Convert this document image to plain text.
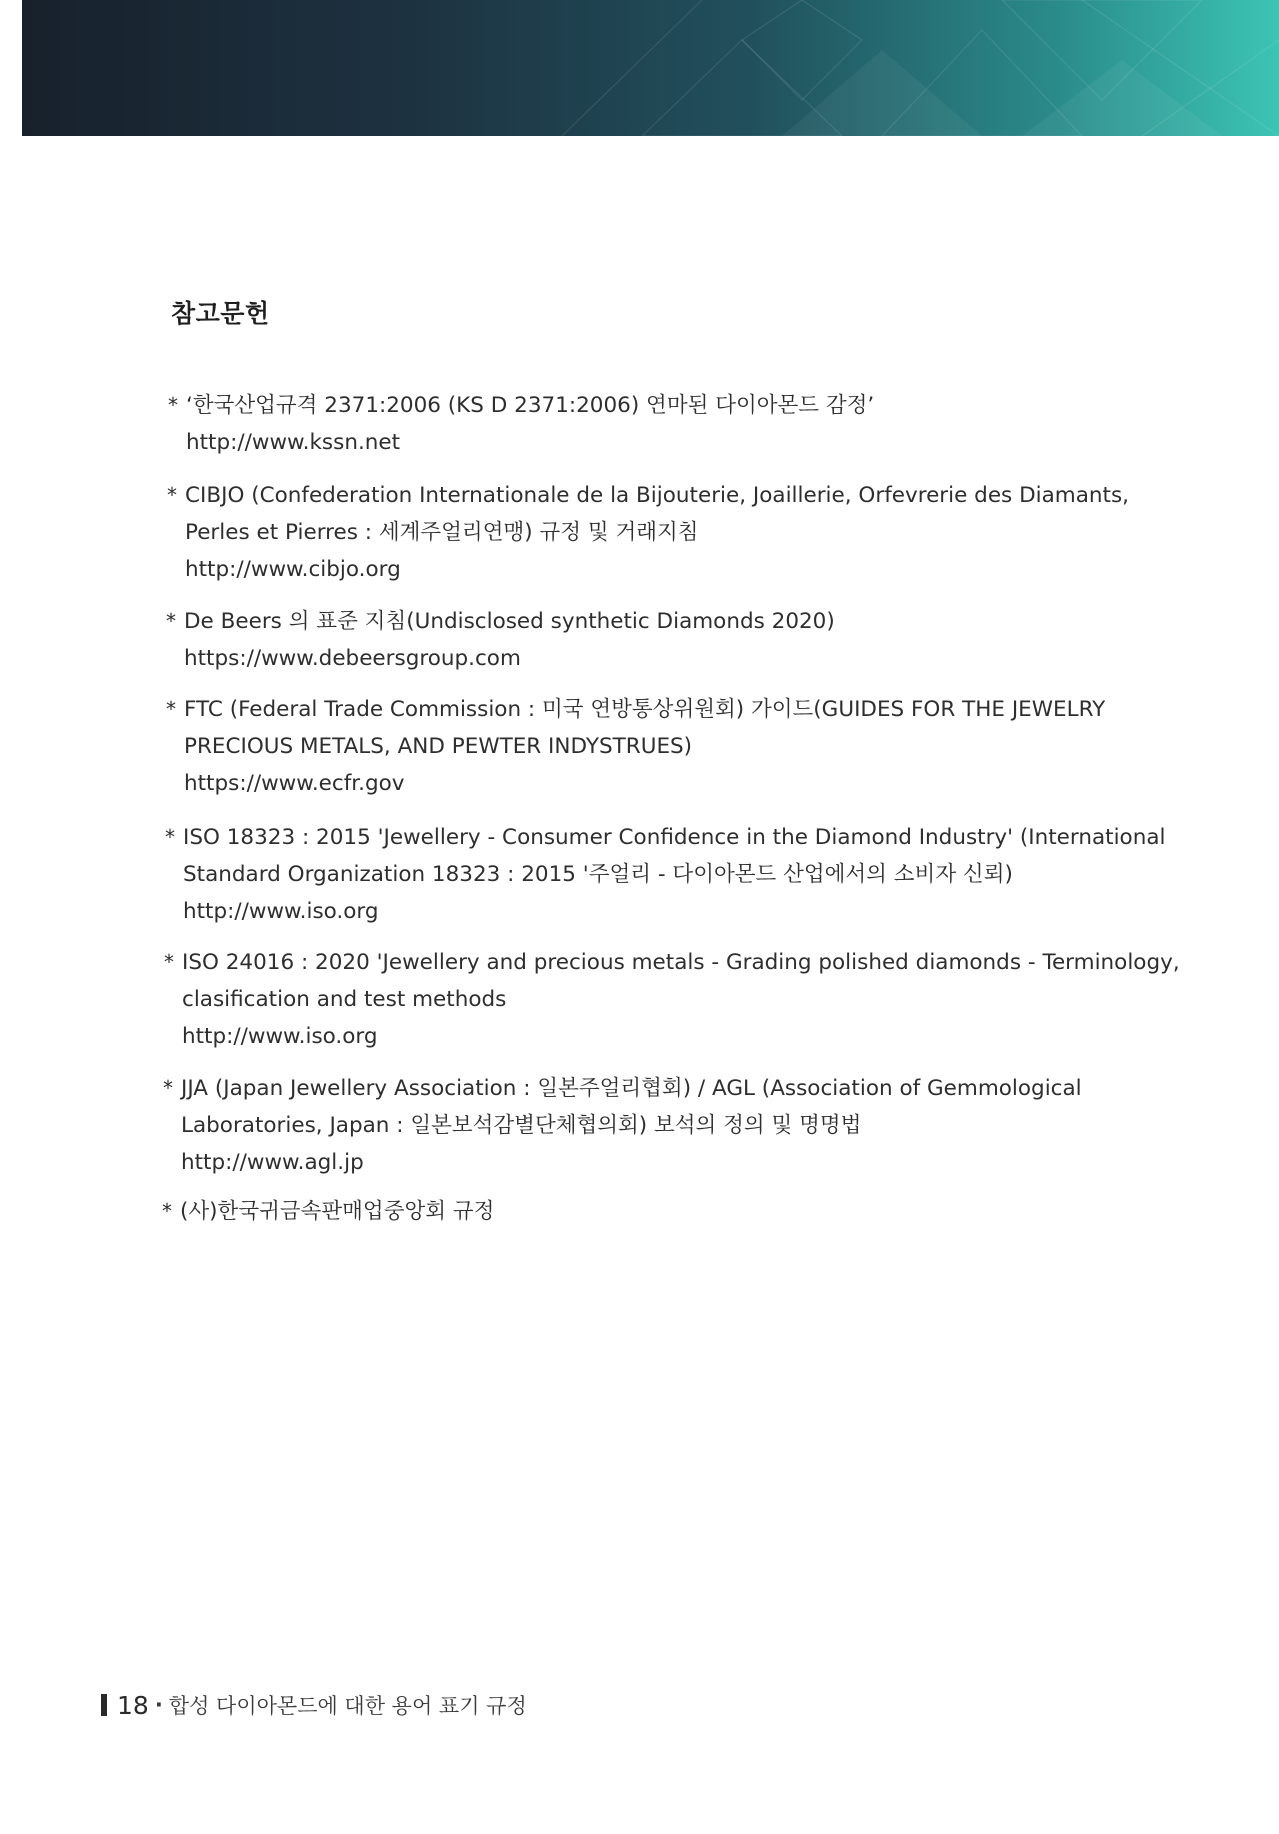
참고문헌
* ‘한국산업규격 2371:2006 (KS D 2371:2006) 연마된 다이아몬드 감정’
http://www.kssn.net
* CIBJO (Confederation Internationale de la Bijouterie, Joaillerie, Orfevrerie des Diamants,
Perles et Pierres : 세계주얼리연맹) 규정 및 거래지침
http://www.cibjo.org
* De Beers 의 표준 지침(Undisclosed synthetic Diamonds 2020)
https://www.debeersgroup.com
* FTC (Federal Trade Commission : 미국 연방통상위원회) 가이드(GUIDES FOR THE JEWELRY
PRECIOUS METALS, AND PEWTER INDYSTRUES)
https://www.ecfr.gov
* ISO 18323 : 2015 'Jewellery - Consumer Confidence in the Diamond Industry' (International
Standard Organization 18323 : 2015 '주얼리 - 다이아몬드 산업에서의 소비자 신뢰)
http://www.iso.org
* ISO 24016 : 2020 'Jewellery and precious metals - Grading polished diamonds - Terminology,
clasification and test methods
http://www.iso.org
* JJA (Japan Jewellery Association : 일본주얼리협회) / AGL (Association of Gemmological
Laboratories, Japan : 일본보석감별단체협의회) 보석의 정의 및 명명법
http://www.agl.jp
* (사)한국귀금속판매업중앙회 규정
18 · 합성 다이아몬드에 대한 용어 표기 규정
